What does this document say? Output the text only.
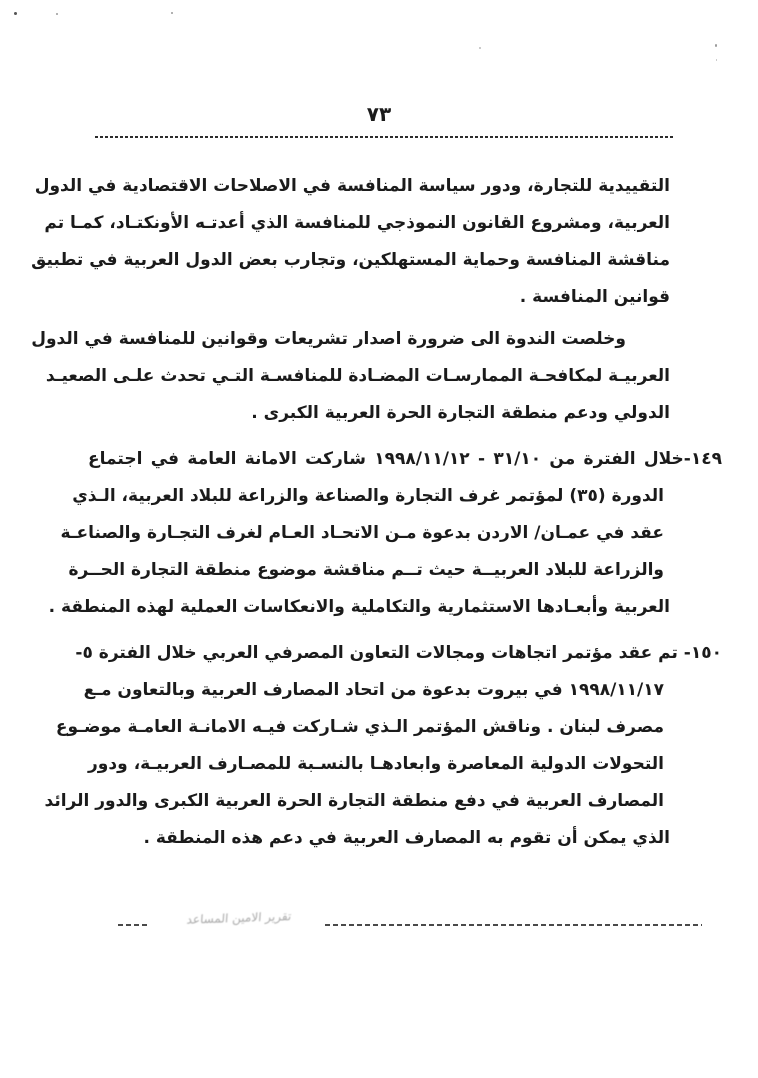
٧٣
التقييدية للتجارة، ودور سياسة المنافسة في الاصلاحات الاقتصادية في الدول
العربية، ومشروع القانون النموذجي للمنافسة الذي أعدتـه الأونكتـاد، كمـا تم
مناقشة المنافسة وحماية المستهلكين، وتجارب بعض الدول العربية في تطبيق
قوانين المنافسة .
وخلصت الندوة الى ضرورة اصدار تشريعات وقوانين للمنافسة في الدول
العربيـة لمكافحـة الممارسـات المضـادة للمنافسـة التـي تحدث علـى الصعيـد
الدولي ودعم منطقة التجارة الحرة العربية الكبرى .
١٤٩-خلال الفترة من ٣١/١٠ - ١٩٩٨/١١/١٢ شاركت الامانة العامة في اجتماع
الدورة (٣٥) لمؤتمر غرف التجارة والصناعة والزراعة للبلاد العربية، الـذي
عقد في عمـان/ الاردن بدعوة مـن الاتحـاد العـام لغرف التجـارة والصناعـة
والزراعة للبلاد العربيــة حيث تــم مناقشة موضوع منطقة التجارة الحــرة
العربية وأبعـادها الاستثمارية والتكاملية والانعكاسات العملية لهذه المنطقة .
١٥٠- تم عقد مؤتمر اتجاهات ومجالات التعاون المصرفي العربي خلال الفترة ٥-
١٩٩٨/١١/١٧ في بيروت بدعوة من اتحاد المصارف العربية وبالتعاون مـع
مصرف لبنان . وناقش المؤتمر الـذي شـاركت فيـه الامانـة العامـة موضـوع
التحولات الدولية المعاصرة وابعادهـا بالنسـبة للمصـارف العربيـة، ودور
المصارف العربية في دفع منطقة التجارة الحرة العربية الكبرى والدور الرائد
الذي يمكن أن تقوم به المصارف العربية في دعم هذه المنطقة .
تقرير الامين المساعد
